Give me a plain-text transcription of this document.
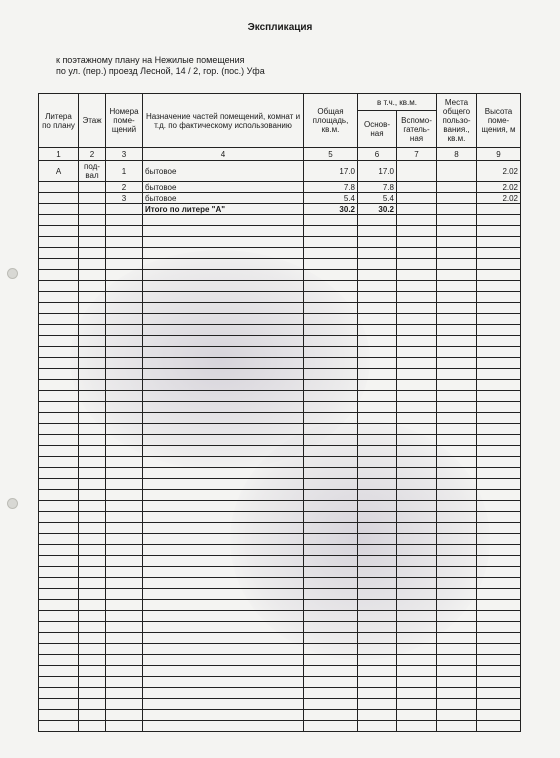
Экспликация
к поэтажному плану на Нежилые помещения
по ул. (пер.) проезд Лесной, 14 / 2, гор. (пос.) Уфа
Литера по плану	Этаж	Номера поме-щений	Назначение частей помещений, комнат и т.д. по фактическому использованию	Общая площадь, кв.м.	в т.ч., кв.м.		Места общего пользо-вания., кв.м.	Высота поме-щения, м
					Основ-ная	Вспомо-гатель-ная		
1	2	3	4	5	6	7	8	9
А	под-вал	1	бытовое	17.0	17.0			2.02
		2	бытовое	7.8	7.8			2.02
		3	бытовое	5.4	5.4			2.02
			Итого по литере "А"	30.2	30.2			
